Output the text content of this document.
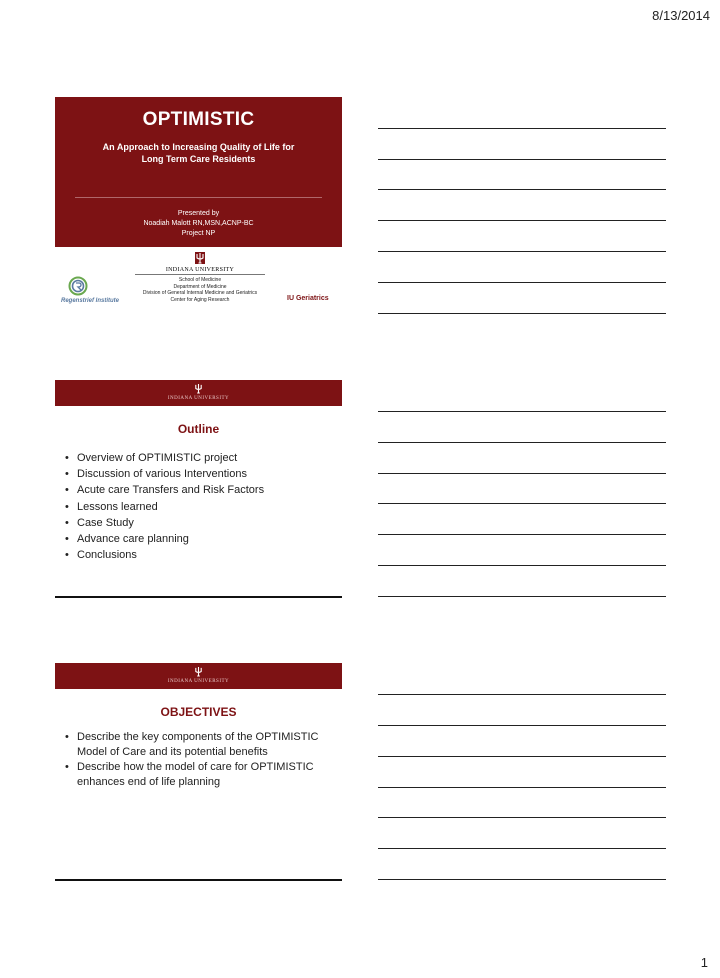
8/13/2014
OPTIMISTIC
An Approach to Increasing Quality of Life for
Long Term Care Residents
Presented by
Noadiah Malott RN,MSN,ACNP-BC
Project NP
INDIANA UNIVERSITY
School of Medicine
Department of Medicine
Division of General Internal Medicine and Geriatrics
Center for Aging Research
Regenstrief Institute	IU Geriatrics
INDIANA UNIVERSITY
Outline
• Overview of OPTIMISTIC project
• Discussion of various Interventions
• Acute care Transfers and Risk Factors
• Lessons learned
• Case Study
• Advance care planning
• Conclusions
INDIANA UNIVERSITY
OBJECTIVES
• Describe the key components of the OPTIMISTIC Model of Care and its potential benefits
• Describe how the model of care for OPTIMISTIC enhances end of life planning
1
